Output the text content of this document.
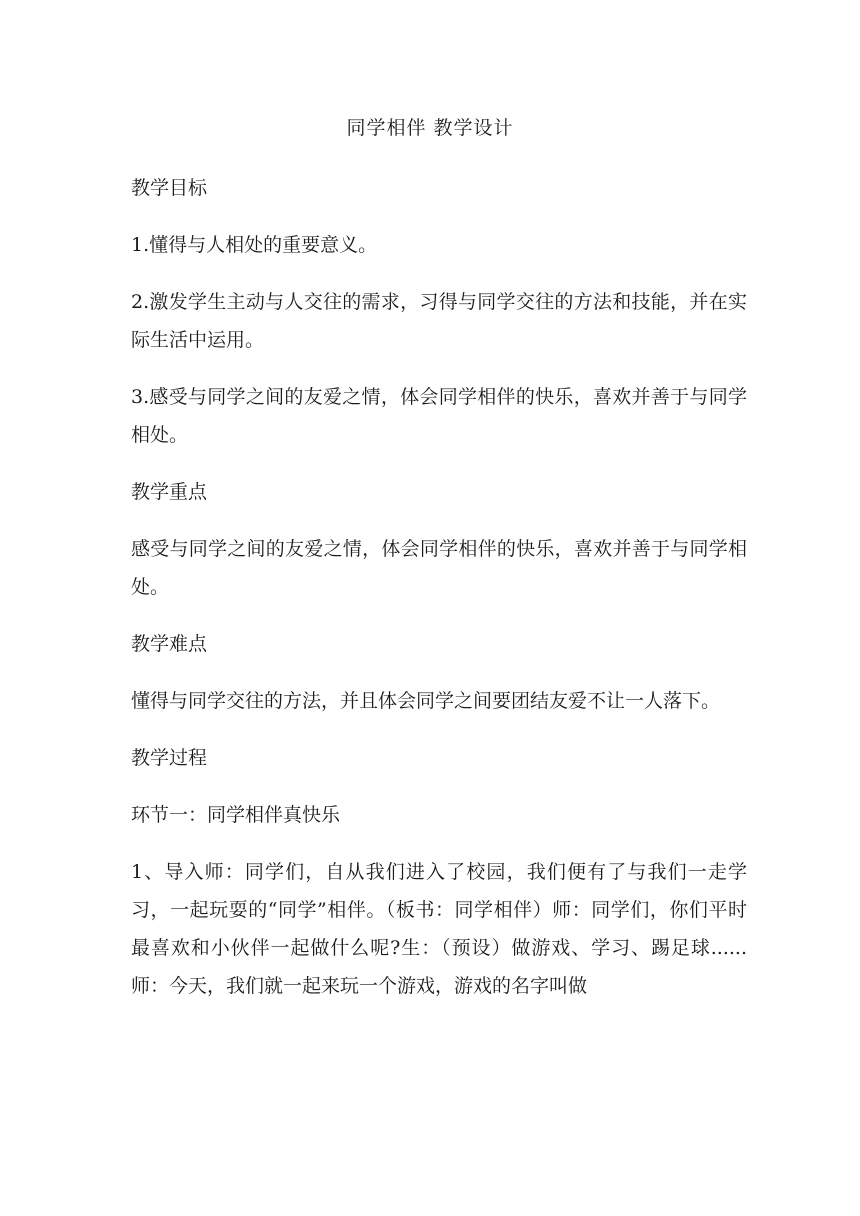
同学相伴 教学设计

教学目标

1.懂得与人相处的重要意义。

2.激发学生主动与人交往的需求，习得与同学交往的方法和技能，并在实际生活中运用。

3.感受与同学之间的友爱之情，体会同学相伴的快乐，喜欢并善于与同学相处。

教学重点

感受与同学之间的友爱之情，体会同学相伴的快乐，喜欢并善于与同学相处。

教学难点

懂得与同学交往的方法，并且体会同学之间要团结友爱不让一人落下。

教学过程

环节一：同学相伴真快乐

1、导入师：同学们，自从我们进入了校园，我们便有了与我们一走学习，一起玩耍的“同学”相伴。（板书：同学相伴）师：同学们，你们平时最喜欢和小伙伴一起做什么呢?生：（预设）做游戏、学习、踢足球......师：今天，我们就一起来玩一个游戏，游戏的名字叫做
